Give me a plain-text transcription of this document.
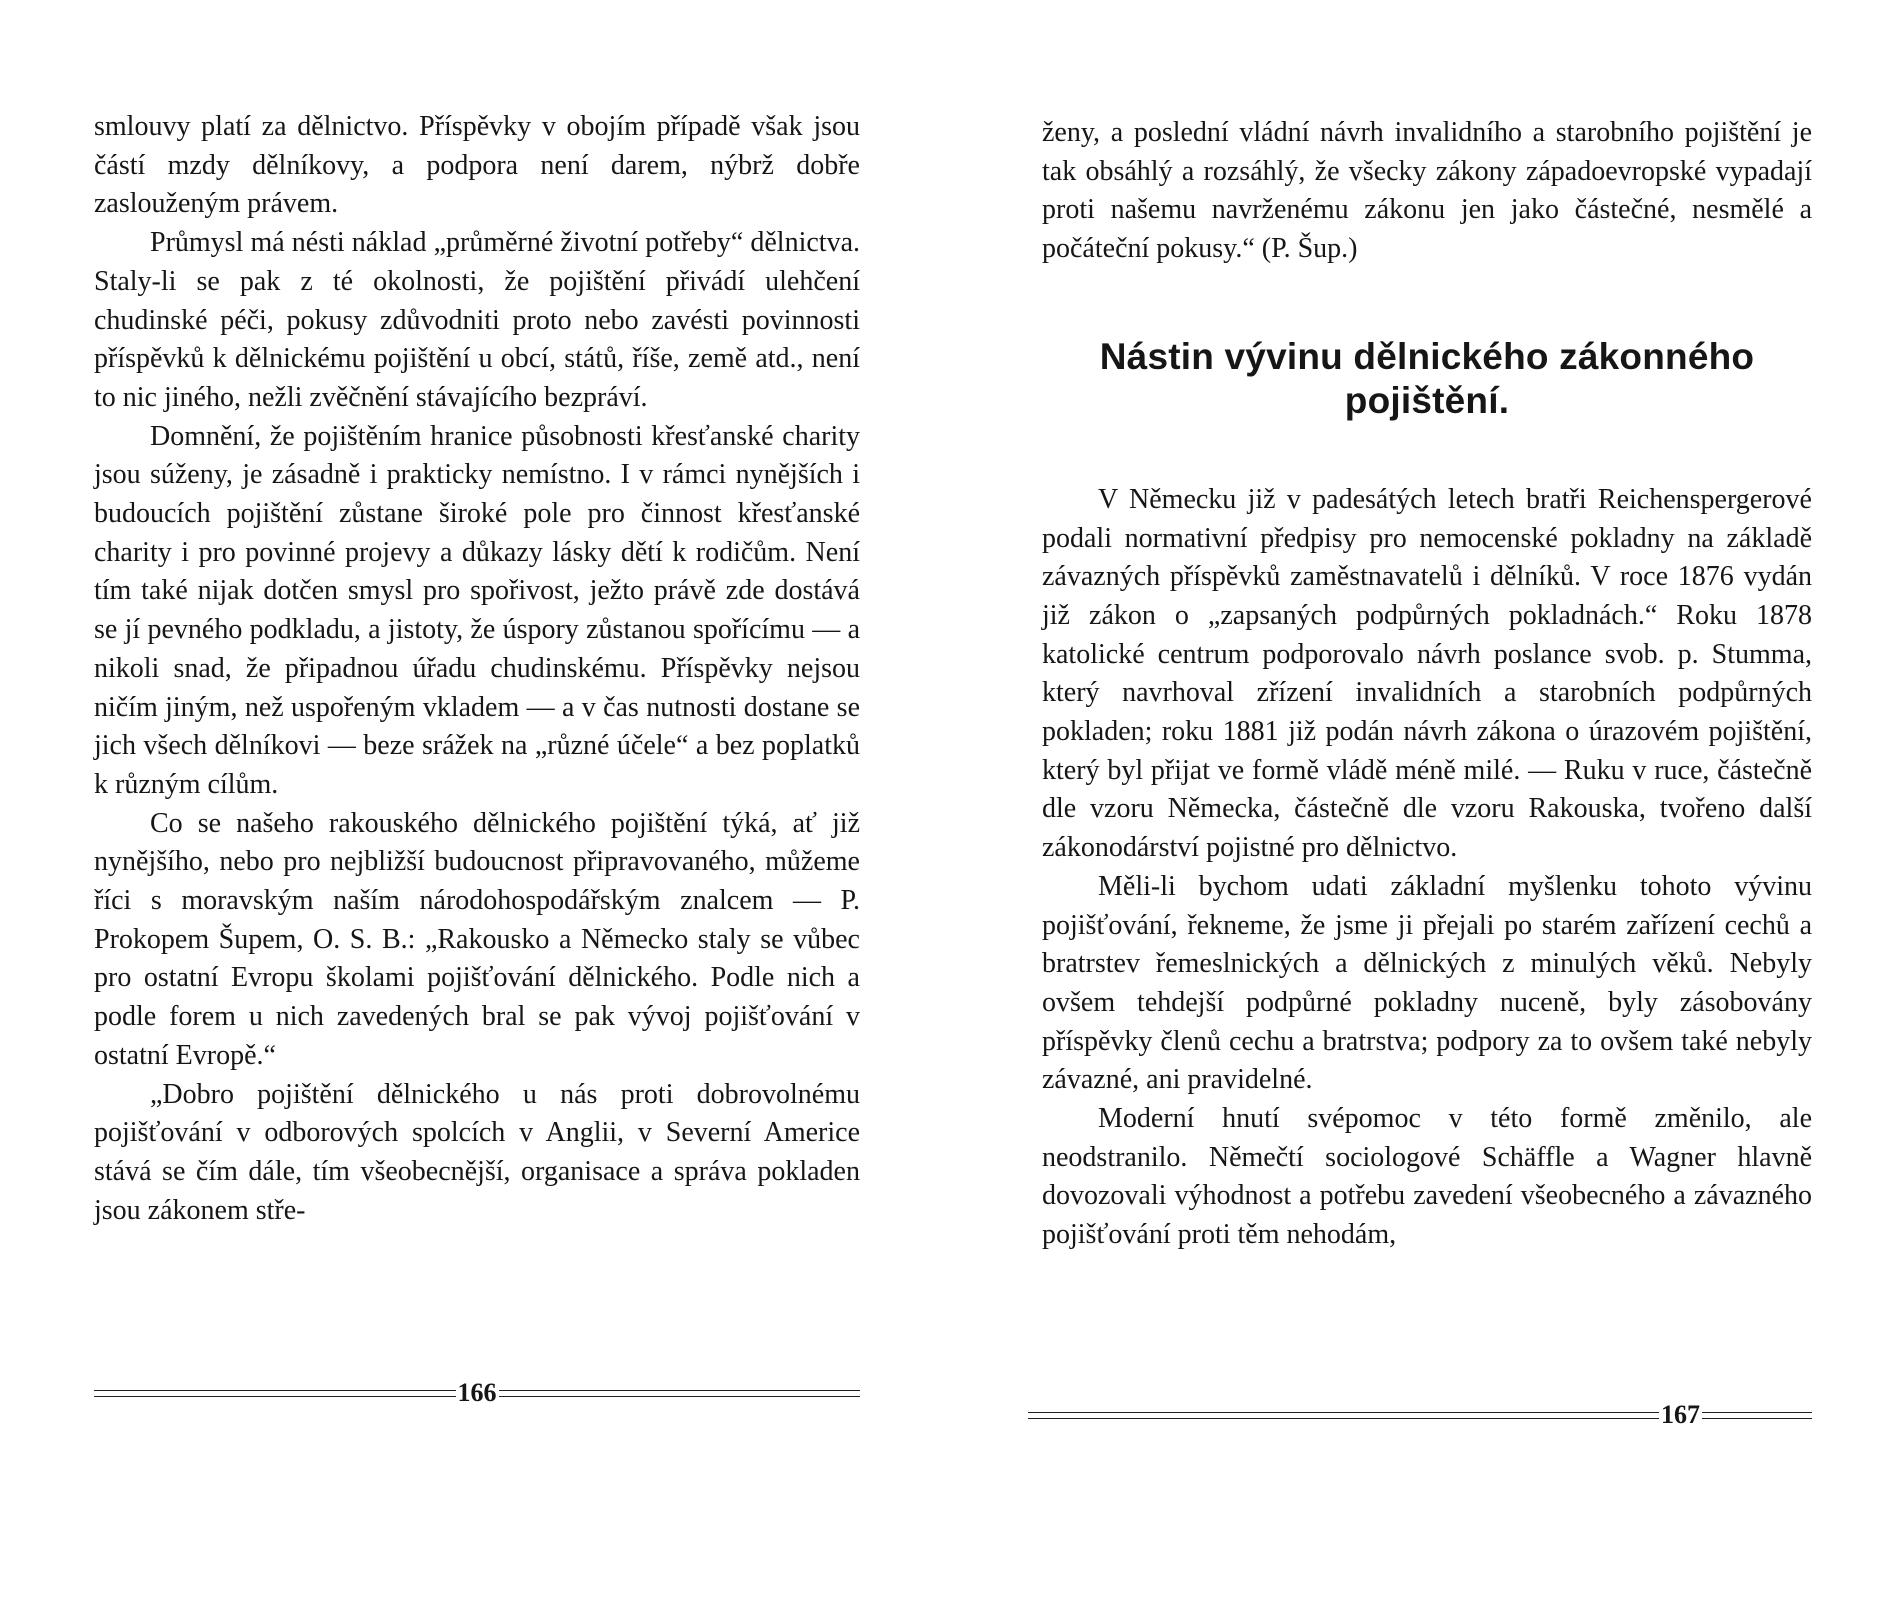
smlouvy platí za dělnictvo. Příspěvky v obojím případě však jsou částí mzdy dělníkovy, a podpora není darem, nýbrž dobře zaslouženým právem.

Průmysl má nésti náklad „průměrné životní potřeby“ dělnictva. Staly-li se pak z té okolnosti, že pojištění přivádí ulehčení chudinské péči, pokusy zdůvodniti proto nebo zavésti povinnosti příspěvků k dělnickému pojištění u obcí, států, říše, země atd., není to nic jiného, nežli zvěčnění stávajícího bezpráví.

Domnění, že pojištěním hranice působnosti křesťanské charity jsou súženy, je zásadně i prakticky nemístno. I v rámci nynějších i budoucích pojištění zůstane široké pole pro činnost křesťanské charity i pro povinné projevy a důkazy lásky dětí k rodičům. Není tím také nijak dotčen smysl pro spořivost, ježto právě zde dostává se jí pevného podkladu, a jistoty, že úspory zůstanou spořícímu — a nikoli snad, že připadnou úřadu chudinskému. Příspěvky nejsou ničím jiným, než uspořeným vkladem — a v čas nutnosti dostane se jich všech dělníkovi — beze srážek na „různé účele“ a bez poplatků k různým cílům.

Co se našeho rakouského dělnického pojištění týká, ať již nynějšího, nebo pro nejbližší budoucnost připravovaného, můžeme říci s moravským naším národohospodářským znalcem — P. Prokopem Šupem, O. S. B.: „Rakousko a Německo staly se vůbec pro ostatní Evropu školami pojišťování dělnického. Podle nich a podle forem u nich zavedených bral se pak vývoj pojišťování v ostatní Evropě.“

„Dobro pojištění dělnického u nás proti dobrovolnému pojišťování v odborových spolcích v Anglii, v Severní Americe stává se čím dále, tím všeobecnější, organisace a správa pokladen jsou zákonem stře-

166

ženy, a poslední vládní návrh invalidního a starobního pojištění je tak obsáhlý a rozsáhlý, že všecky zákony západoevropské vypadají proti našemu navrženému zákonu jen jako částečné, nesmělé a počáteční pokusy.“ (P. Šup.)

Nástin vývinu dělnického zákonného pojištění.

V Německu již v padesátých letech bratři Reichenspergerové podali normativní předpisy pro nemocenské pokladny na základě závazných příspěvků zaměstnavatelů i dělníků. V roce 1876 vydán již zákon o „zapsaných podpůrných pokladnách.“ Roku 1878 katolické centrum podporovalo návrh poslance svob. p. Stumma, který navrhoval zřízení invalidních a starobních podpůrných pokladen; roku 1881 již podán návrh zákona o úrazovém pojištění, který byl přijat ve formě vládě méně milé. — Ruku v ruce, částečně dle vzoru Německa, částečně dle vzoru Rakouska, tvořeno další zákonodárství pojistné pro dělnictvo.

Měli-li bychom udati základní myšlenku tohoto vývinu pojišťování, řekneme, že jsme ji přejali po starém zařízení cechů a bratrstev řemeslnických a dělnických z minulých věků. Nebyly ovšem tehdejší podpůrné pokladny nuceně, byly zásobovány příspěvky členů cechu a bratrstva; podpory za to ovšem také nebyly závazné, ani pravidelné.

Moderní hnutí svépomoc v této formě změnilo, ale neodstranilo. Němečtí sociologové Schäffle a Wagner hlavně dovozovali výhodnost a potřebu zavedení všeobecného a závazného pojišťování proti těm nehodám,

167
